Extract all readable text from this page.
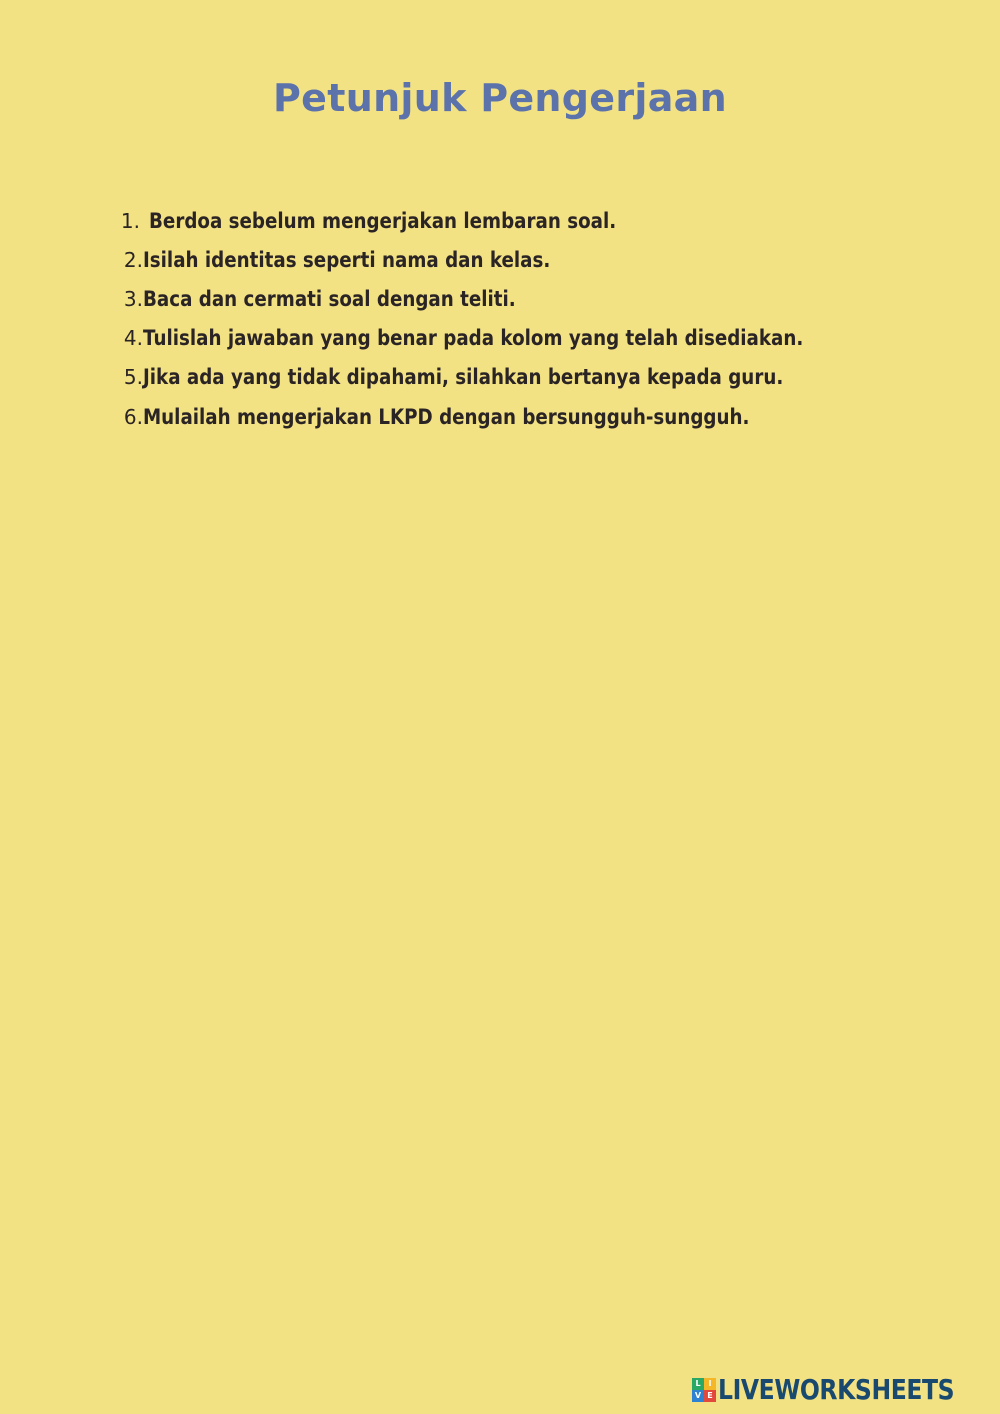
Petunjuk Pengerjaan
1. Berdoa sebelum mengerjakan lembaran soal.
2. Isilah identitas seperti nama dan kelas.
3. Baca dan cermati soal dengan teliti.
4. Tulislah jawaban yang benar pada kolom yang telah disediakan.
5. Jika ada yang tidak dipahami, silahkan bertanya kepada guru.
6. Mulailah mengerjakan LKPD dengan bersungguh-sungguh.
L I
V E LIVEWORKSHEETS
